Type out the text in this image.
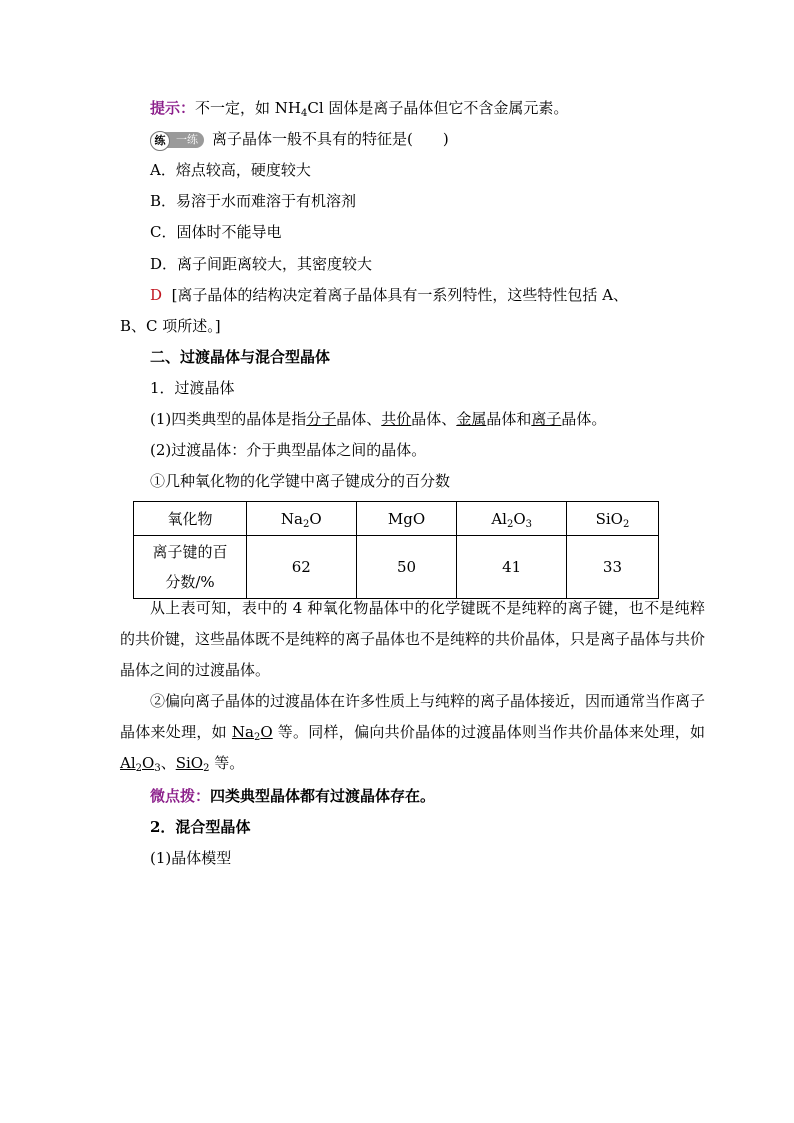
提示：不一定，如 $NH_4Cl$ 固体是离子晶体但它不含金属元素。
练 一练 离子晶体一般不具有的特征是(　　)
A．熔点较高，硬度较大
B．易溶于水而难溶于有机溶剂
C．固体时不能导电
D．离子间距离较大，其密度较大
D [离子晶体的结构决定着离子晶体具有一系列特性，这些特性包括 A、
B、C 项所述。]
二、过渡晶体与混合型晶体
1．过渡晶体
(1)四类典型的晶体是指分子晶体、共价晶体、金属晶体和离子晶体。
(2)过渡晶体：介于典型晶体之间的晶体。
①几种氧化物的化学键中离子键成分的百分数
氧化物	$Na_2O$	MgO	$Al_2O_3$	SiO$_2$
离子键的百
分数/%	62	50	41	33
从上表可知，表中的 4 种氧化物晶体中的化学键既不是纯粹的离子键，也不是纯粹的共价键，这些晶体既不是纯粹的离子晶体也不是纯粹的共价晶体，只是离子晶体与共价晶体之间的过渡晶体。
②偏向离子晶体的过渡晶体在许多性质上与纯粹的离子晶体接近，因而通常当作离子晶体来处理，如 $Na_2O$ 等。同样，偏向共价晶体的过渡晶体则当作共价晶体来处理，如 $Al_2O_3$、SiO$_2$ 等。
微点拨：四类典型晶体都有过渡晶体存在。
2．混合型晶体
(1)晶体模型
